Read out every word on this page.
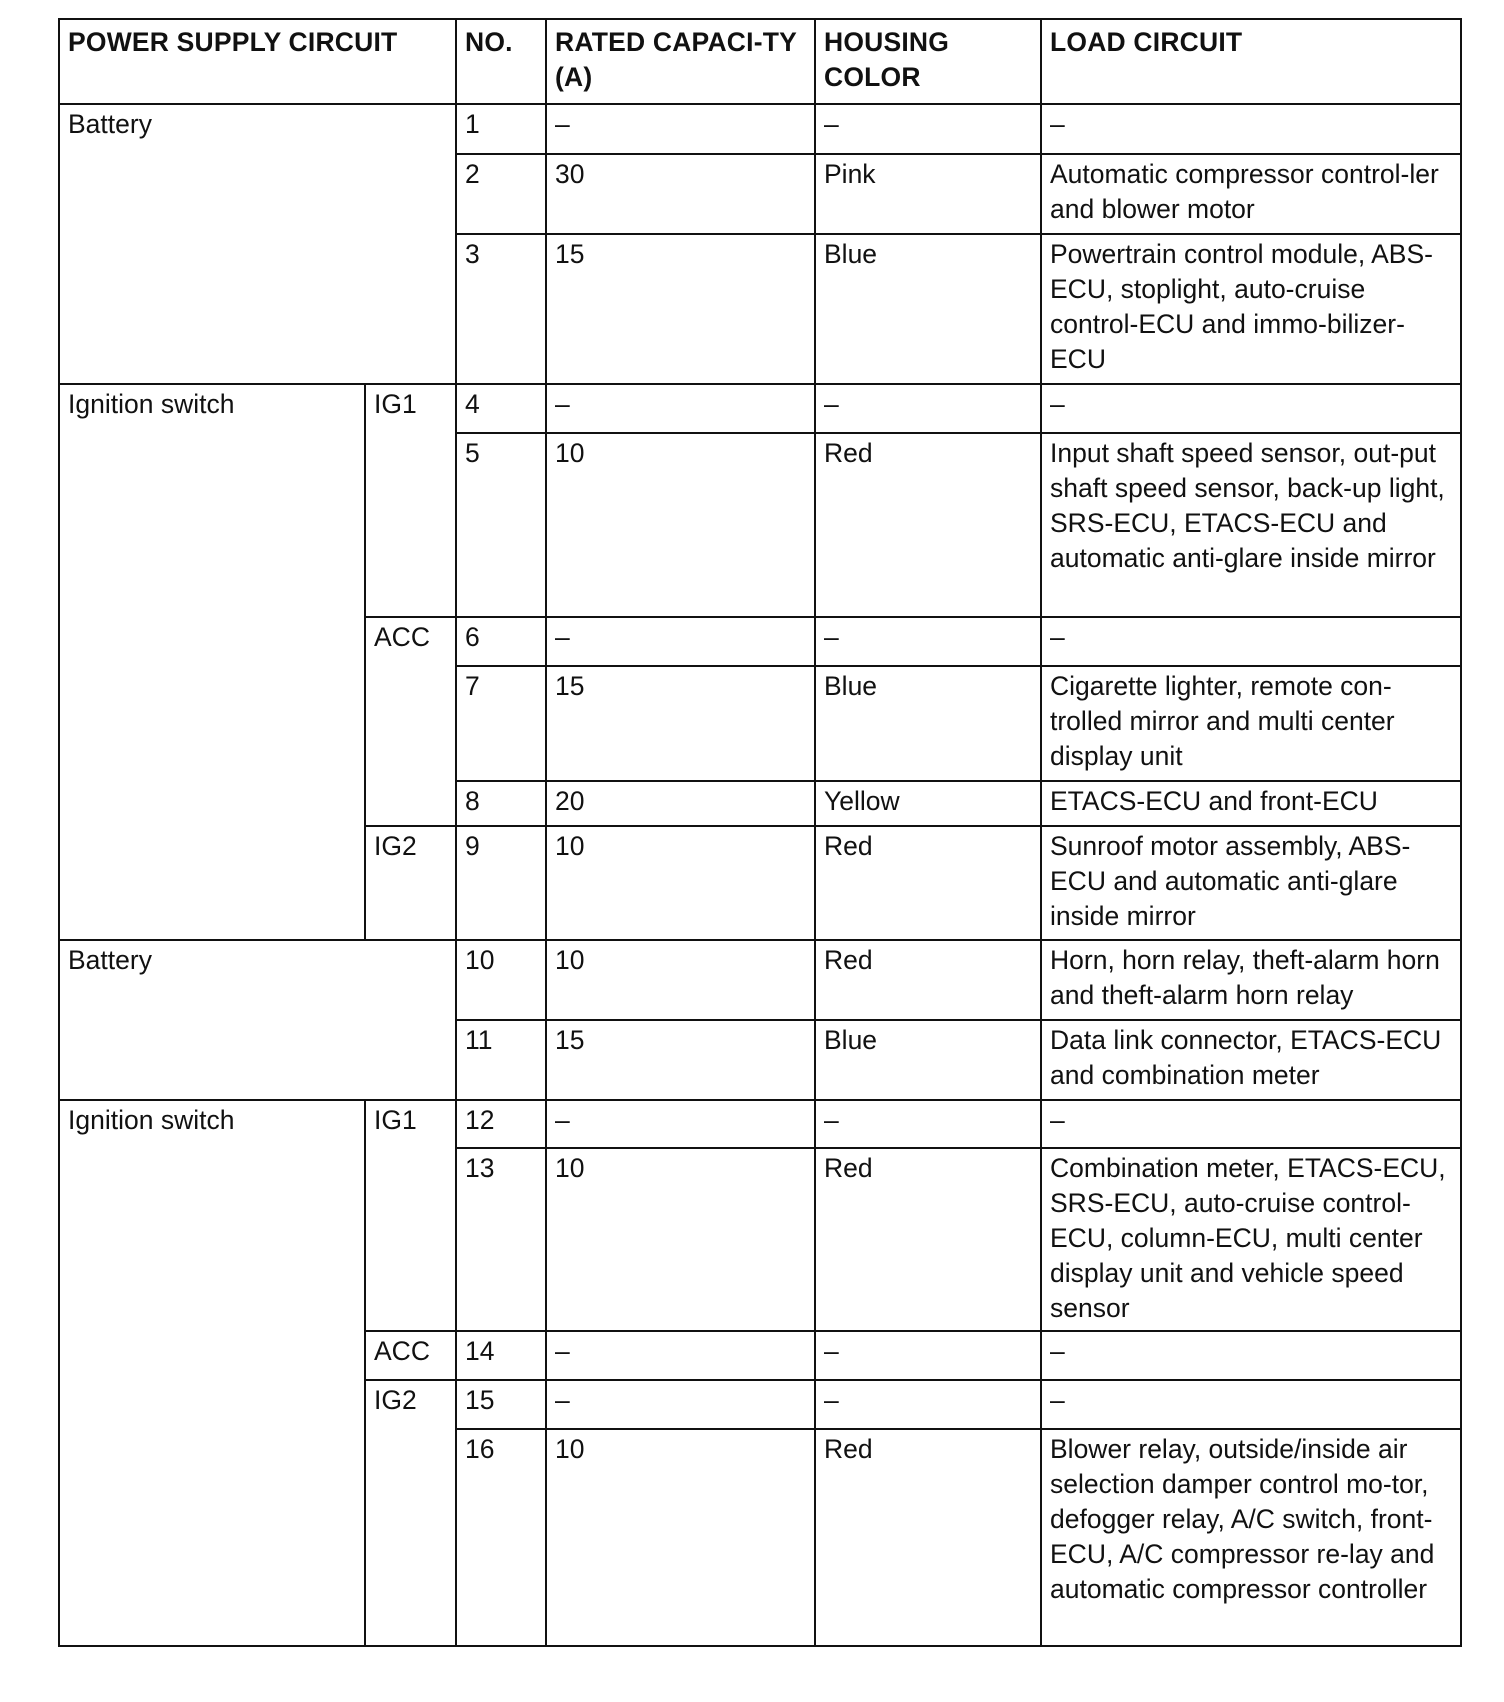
POWER SUPPLY CIRCUIT		NO.	RATED CAPACI-TY (A)	HOUSING COLOR	LOAD CIRCUIT
Battery		1	–	–	–
		2	30	Pink	Automatic compressor control-ler and blower motor
		3	15	Blue	Powertrain control module, ABS-ECU, stoplight, auto-cruise control-ECU and immo-bilizer-ECU
Ignition switch	IG1	4	–	–	–
		5	10	Red	Input shaft speed sensor, out-put shaft speed sensor, back-up light, SRS-ECU, ETACS-ECU and automatic anti-glare inside mirror
	ACC	6	–	–	–
		7	15	Blue	Cigarette lighter, remote con-trolled mirror and multi center display unit
		8	20	Yellow	ETACS-ECU and front-ECU
	IG2	9	10	Red	Sunroof motor assembly, ABS-ECU and automatic anti-glare inside mirror
Battery		10	10	Red	Horn, horn relay, theft-alarm horn and theft-alarm horn relay
		11	15	Blue	Data link connector, ETACS-ECU and combination meter
Ignition switch	IG1	12	–	–	–
		13	10	Red	Combination meter, ETACS-ECU, SRS-ECU, auto-cruise control-ECU, column-ECU, multi center display unit and vehicle speed sensor
	ACC	14	–	–	–
	IG2	15	–	–	–
		16	10	Red	Blower relay, outside/inside air selection damper control mo-tor, defogger relay, A/C switch, front-ECU, A/C compressor re-lay and automatic compressor controller
